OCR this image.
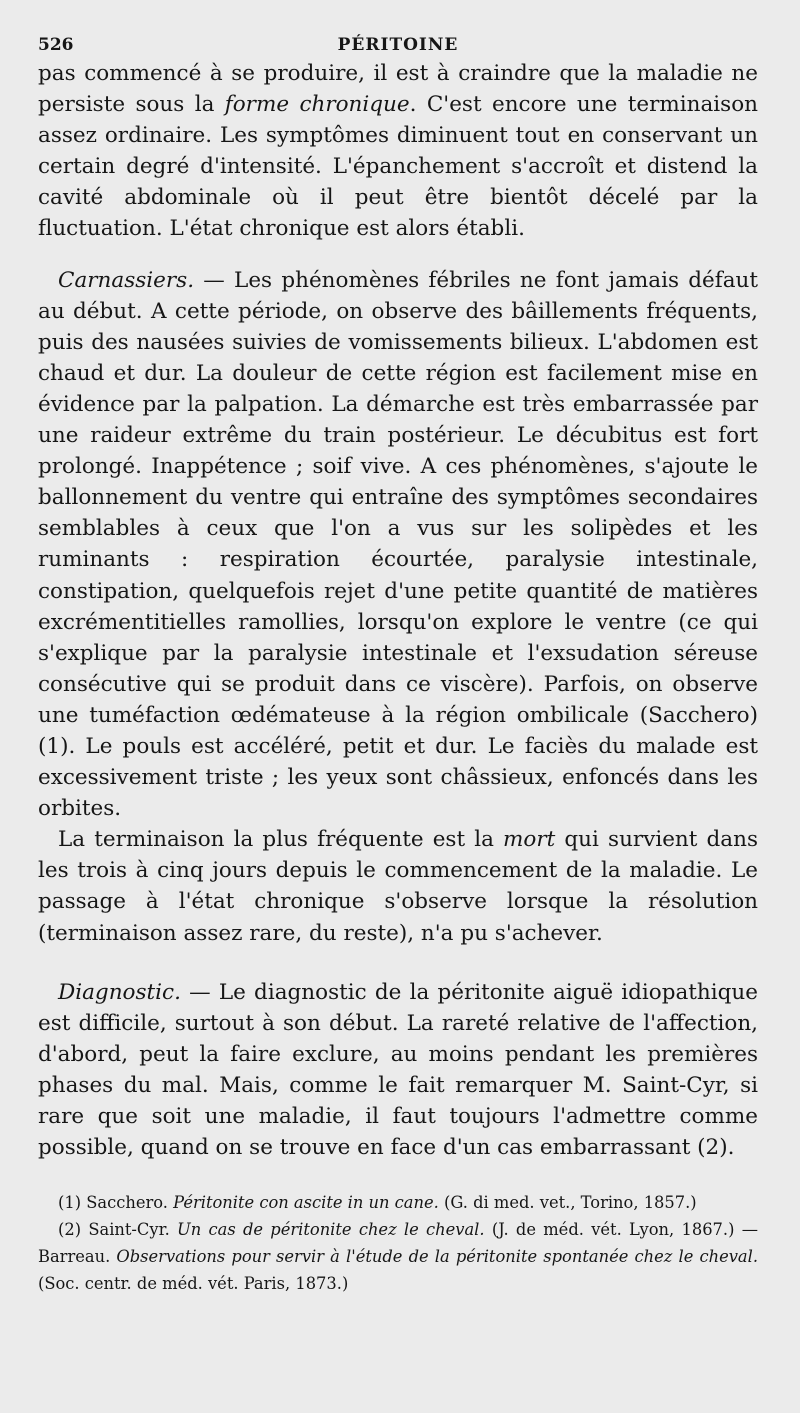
526	PÉRITOINE

pas commencé à se produire, il est à craindre que la maladie ne persiste sous la forme chronique. C'est encore une terminaison assez ordinaire. Les symptômes diminuent tout en conservant un certain degré d'intensité. L'épanchement s'accroît et distend la cavité abdominale où il peut être bientôt décelé par la fluctuation. L'état chronique est alors établi.

Carnassiers. — Les phénomènes fébriles ne font jamais défaut au début. A cette période, on observe des bâillements fréquents, puis des nausées suivies de vomissements bilieux. L'abdomen est chaud et dur. La douleur de cette région est facilement mise en évidence par la palpation. La démarche est très embarrassée par une raideur extrême du train postérieur. Le décubitus est fort prolongé. Inappétence ; soif vive. A ces phénomènes, s'ajoute le ballonnement du ventre qui entraîne des symptômes secondaires semblables à ceux que l'on a vus sur les solipèdes et les ruminants : respiration écourtée, paralysie intestinale, constipation, quelquefois rejet d'une petite quantité de matières excrémentitielles ramollies, lorsqu'on explore le ventre (ce qui s'explique par la paralysie intestinale et l'exsudation séreuse consécutive qui se produit dans ce viscère). Parfois, on observe une tuméfaction œdémateuse à la région ombilicale (Sacchero) (1). Le pouls est accéléré, petit et dur. Le faciès du malade est excessivement triste ; les yeux sont châssieux, enfoncés dans les orbites.

La terminaison la plus fréquente est la mort qui survient dans les trois à cinq jours depuis le commencement de la maladie. Le passage à l'état chronique s'observe lorsque la résolution (terminaison assez rare, du reste), n'a pu s'achever.

Diagnostic. — Le diagnostic de la péritonite aiguë idiopathique est difficile, surtout à son début. La rareté relative de l'affection, d'abord, peut la faire exclure, au moins pendant les premières phases du mal. Mais, comme le fait remarquer M. Saint-Cyr, si rare que soit une maladie, il faut toujours l'admettre comme possible, quand on se trouve en face d'un cas embarrassant (2).

(1) Sacchero. Péritonite con ascite in un cane. (G. di med. vet., Torino, 1857.)

(2) Saint-Cyr. Un cas de péritonite chez le cheval. (J. de méd. vét. Lyon, 1867.) — Barreau. Observations pour servir à l'étude de la péritonite spontanée chez le cheval. (Soc. centr. de méd. vét. Paris, 1873.)
